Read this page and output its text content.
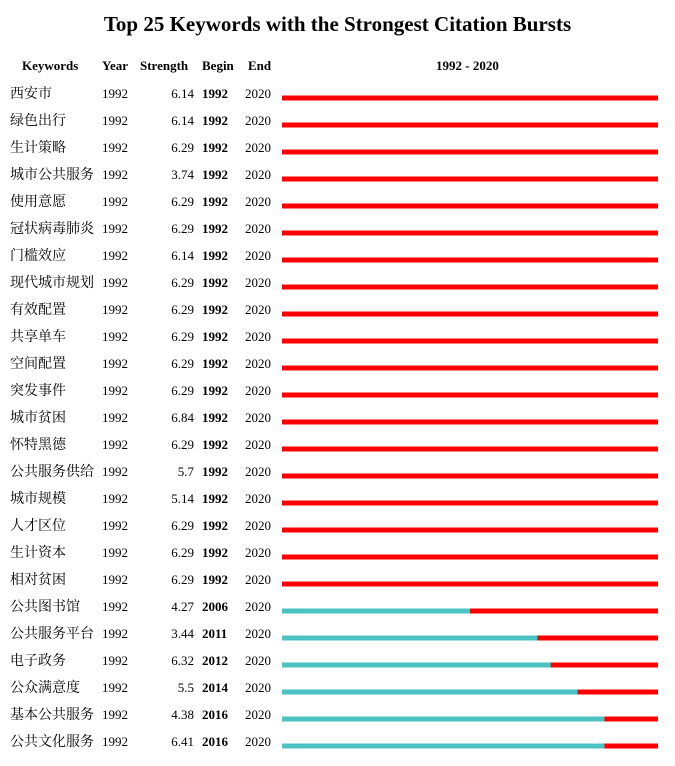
Top 25 Keywords with the Strongest Citation Bursts
Keywords Year Strength Begin End	1992 - 2020
西安市	1992	6.14 1992 2020
绿色出行	1992	6.14 1992 2020
生计策略	1992	6.29 1992 2020
城市公共服务 1992	3.74 1992 2020
使用意愿	1992	6.29 1992 2020
冠状病毒肺炎 1992	6.29 1992 2020
门槛效应	1992	6.14 1992 2020
现代城市规划 1992	6.29 1992 2020
有效配置	1992	6.29 1992 2020
共享单车	1992	6.29 1992 2020
空间配置	1992	6.29 1992 2020
突发事件	1992	6.29 1992 2020
城市贫困	1992	6.84 1992 2020
怀特黑德	1992	6.29 1992 2020
公共服务供给 1992	5.7 1992 2020
城市规模	1992	5.14 1992 2020
人才区位	1992	6.29 1992 2020
生计资本	1992	6.29 1992 2020
相对贫困	1992	6.29 1992 2020
公共图书馆 1992	4.27 2006 2020
公共服务平台 1992	3.44 2011 2020
电子政务	1992	6.32 2012 2020
公众满意度 1992	5.5 2014 2020
基本公共服务 1992	4.38 2016 2020
公共文化服务 1992	6.41 2016 2020
